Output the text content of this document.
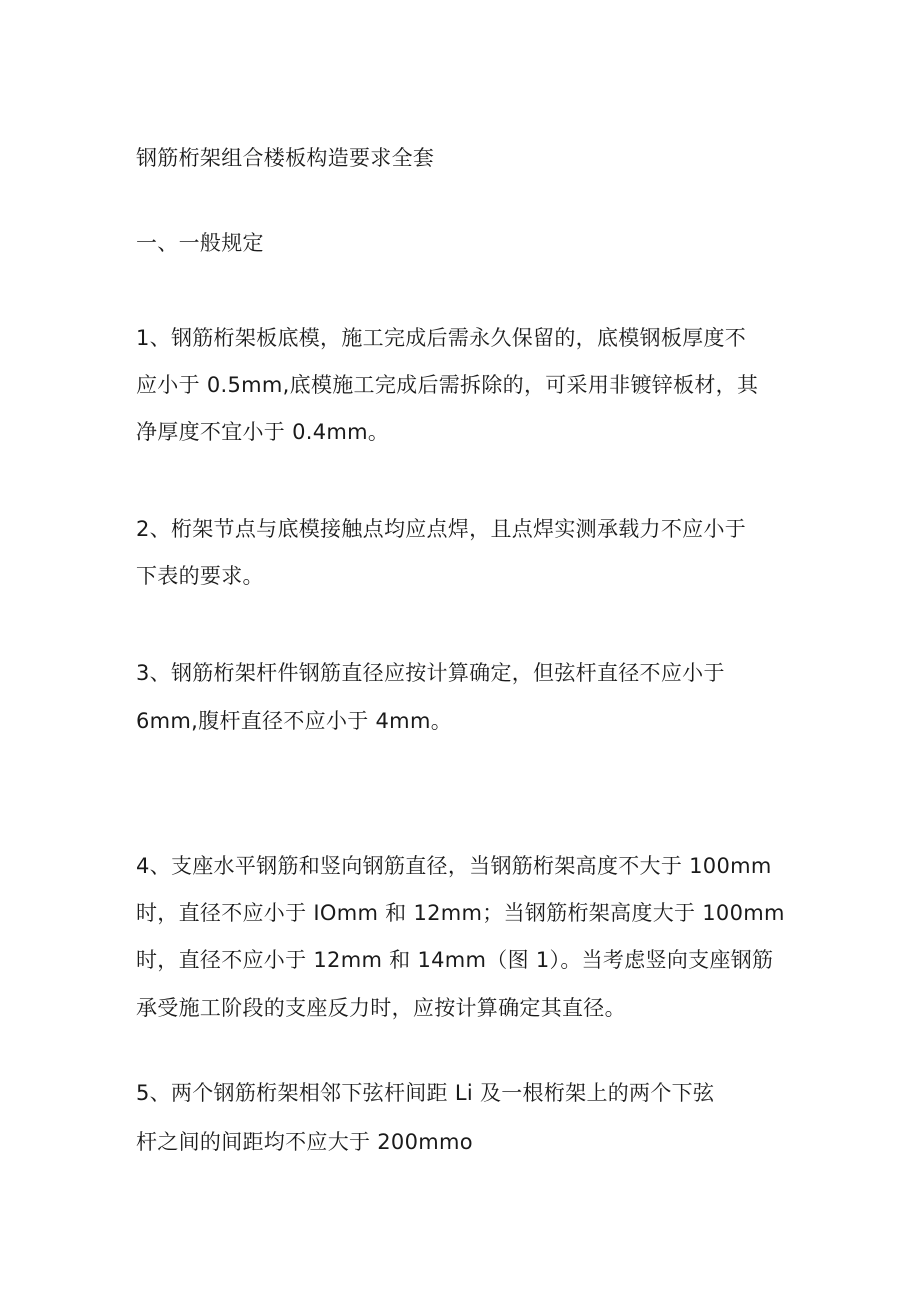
钢筋桁架组合楼板构造要求全套
一、一般规定
1、钢筋桁架板底模，施工完成后需永久保留的，底模钢板厚度不
应小于 0.5mm,底模施工完成后需拆除的，可采用非镀锌板材，其
净厚度不宜小于 0.4mm。
2、桁架节点与底模接触点均应点焊，且点焊实测承载力不应小于
下表的要求。
3、钢筋桁架杆件钢筋直径应按计算确定，但弦杆直径不应小于
6mm,腹杆直径不应小于 4mm。
4、支座水平钢筋和竖向钢筋直径，当钢筋桁架高度不大于 100mm
时，直径不应小于 IOmm 和 12mm；当钢筋桁架高度大于 100mm
时，直径不应小于 12mm 和 14mm（图 1）。当考虑竖向支座钢筋
承受施工阶段的支座反力时，应按计算确定其直径。
5、两个钢筋桁架相邻下弦杆间距 Li 及一根桁架上的两个下弦
杆之间的间距均不应大于 200mmo
